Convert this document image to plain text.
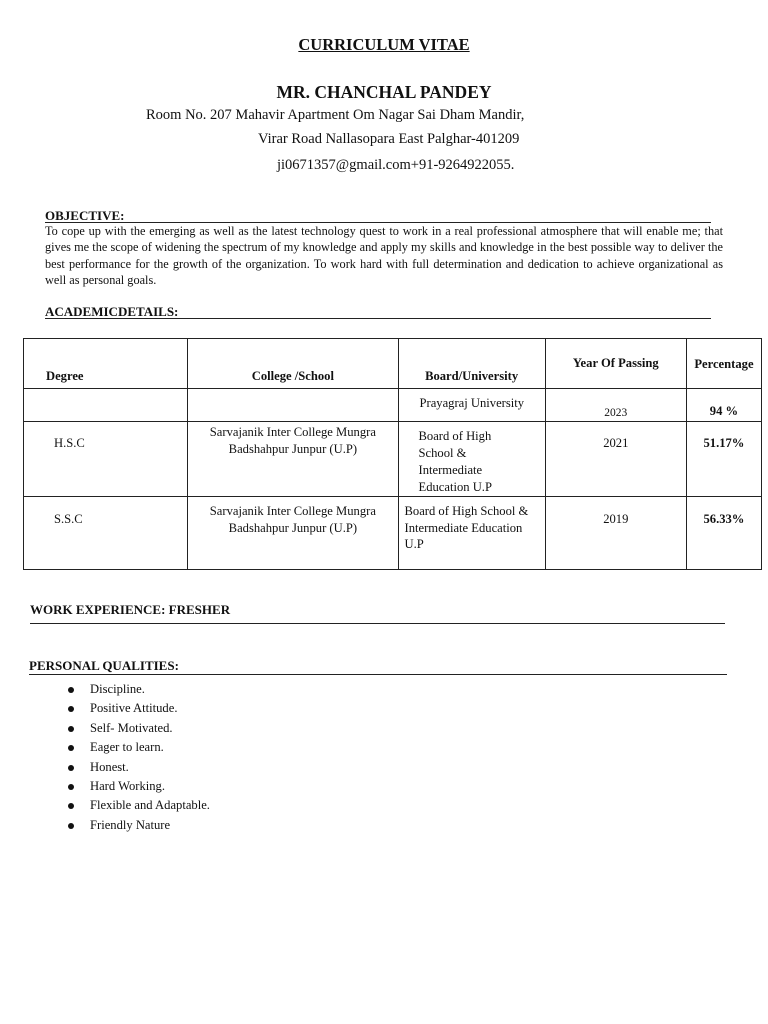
CURRICULUM VITAE
MR. CHANCHAL PANDEY
Room No. 207 Mahavir Apartment Om Nagar Sai Dham Mandir,
Virar Road Nallasopara East Palghar-401209
ji0671357@gmail.com+91-9264922055.
OBJECTIVE:
To cope up with the emerging as well as the latest technology quest to work in a real professional atmosphere that will enable me; that gives me the scope of widening the spectrum of my knowledge and apply my skills and knowledge in the best possible way to deliver the best performance for the growth of the organization. To work hard with full determination and dedication to achieve organizational as well as personal goals.
ACADEMICDETAILS:
Degree	College /School	Board/University	Year Of Passing	Percentage
		Prayagraj University	2023	94 %
H.S.C	Sarvajanik Inter College Mungra Badshahpur Junpur (U.P)	Board of High School & Intermediate Education U.P	2021	51.17%
S.S.C	Sarvajanik Inter College Mungra Badshahpur Junpur (U.P)	Board of High School & Intermediate Education U.P	2019	56.33%
WORK EXPERIENCE: FRESHER
PERSONAL QUALITIES:
Discipline.
Positive Attitude.
Self- Motivated.
Eager to learn.
Honest.
Hard Working.
Flexible and Adaptable.
Friendly Nature
